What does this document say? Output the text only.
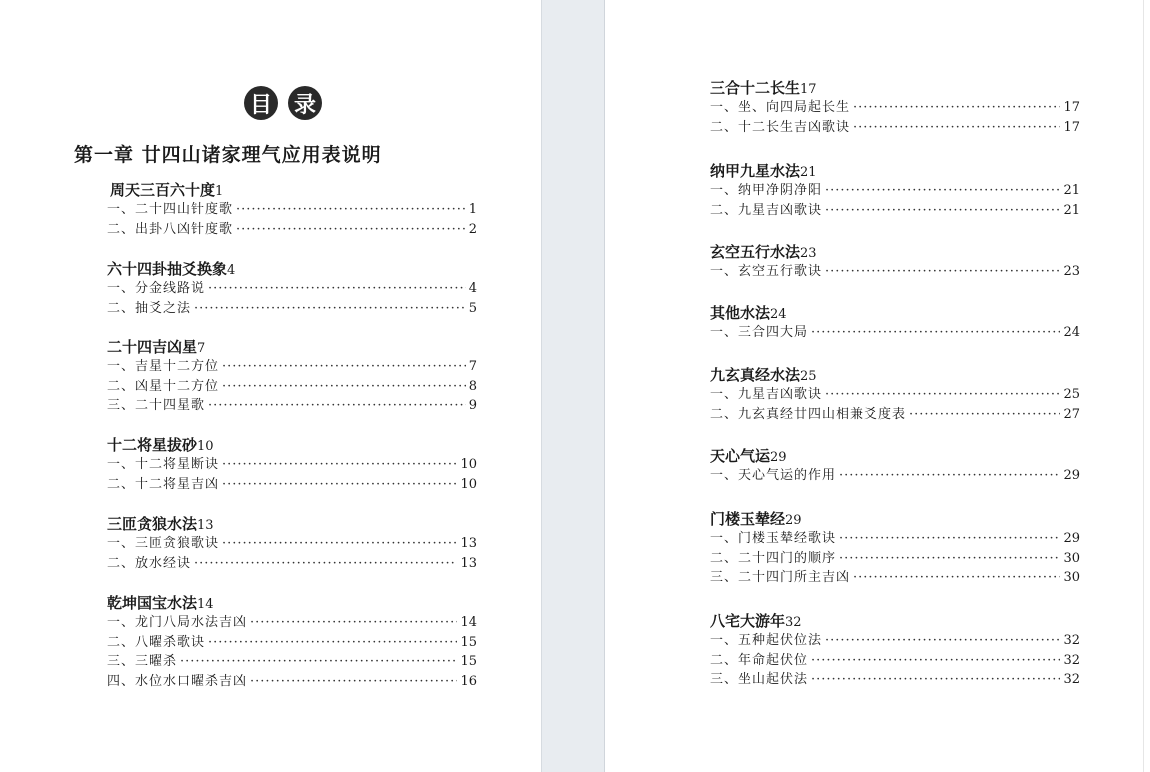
目 录
第一章 廿四山诸家理气应用表说明
周天三百六十度1
一、二十四山针度歌 ·····	1
二、出卦八凶针度歌 ·····	2
六十四卦抽爻换象4
一、分金线路说 ·····	4
二、抽爻之法 ·····	5
二十四吉凶星7
一、吉星十二方位 ·····	7
二、凶星十二方位 ·····	8
三、二十四星歌 ·····	9
十二将星拔砂10
一、十二将星断诀 ·····	10
二、十二将星吉凶 ·····	10
三匝贪狼水法13
一、三匝贪狼歌诀 ·····	13
二、放水经诀 ·····	13
乾坤国宝水法14
一、龙门八局水法吉凶 ·····	14
二、八曜杀歌诀 ·····	15
三、三曜杀 ·····	15
四、水位水口曜杀吉凶 ·····	16
三合十二长生17
一、坐、向四局起长生 ·····	17
二、十二长生吉凶歌诀 ·····	17
纳甲九星水法21
一、纳甲净阴净阳 ·····	21
二、九星吉凶歌诀 ·····	21
玄空五行水法23
一、玄空五行歌诀 ·····	23
其他水法24
一、三合四大局 ·····	24
九玄真经水法25
一、九星吉凶歌诀 ·····	25
二、九玄真经廿四山相兼爻度表 ·····	27
天心气运29
一、天心气运的作用 ·····	29
门楼玉辇经29
一、门楼玉辇经歌诀 ·····	29
二、二十四门的顺序 ·····	30
三、二十四门所主吉凶 ·····	30
八宅大游年32
一、五种起伏位法 ·····	32
二、年命起伏位 ·····	32
三、坐山起伏法 ·····	32
